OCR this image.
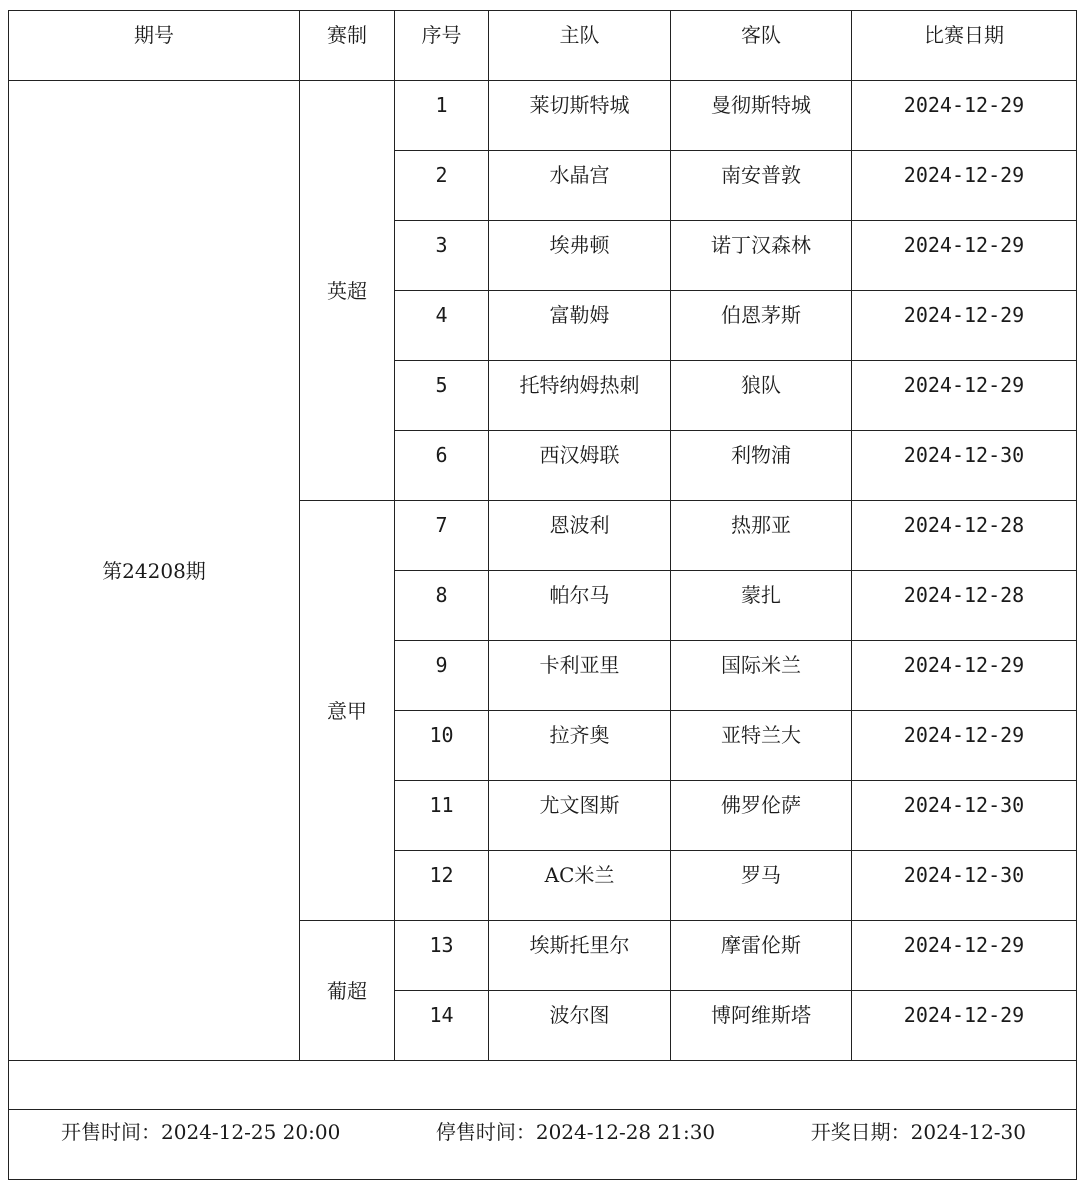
期号	赛制	序号	主队	客队	比赛日期
第24208期	英超	1	莱切斯特城	曼彻斯特城	2024-12-29
		2	水晶宫	南安普敦	2024-12-29
		3	埃弗顿	诺丁汉森林	2024-12-29
		4	富勒姆	伯恩茅斯	2024-12-29
		5	托特纳姆热刺	狼队	2024-12-29
		6	西汉姆联	利物浦	2024-12-30
	意甲	7	恩波利	热那亚	2024-12-28
		8	帕尔马	蒙扎	2024-12-28
		9	卡利亚里	国际米兰	2024-12-29
		10	拉齐奥	亚特兰大	2024-12-29
		11	尤文图斯	佛罗伦萨	2024-12-30
		12	AC米兰	罗马	2024-12-30
	葡超	13	埃斯托里尔	摩雷伦斯	2024-12-29
		14	波尔图	博阿维斯塔	2024-12-29

开售时间：2024-12-25 20:00 停售时间：2024-12-28 21:30 开奖日期：2024-12-30					
